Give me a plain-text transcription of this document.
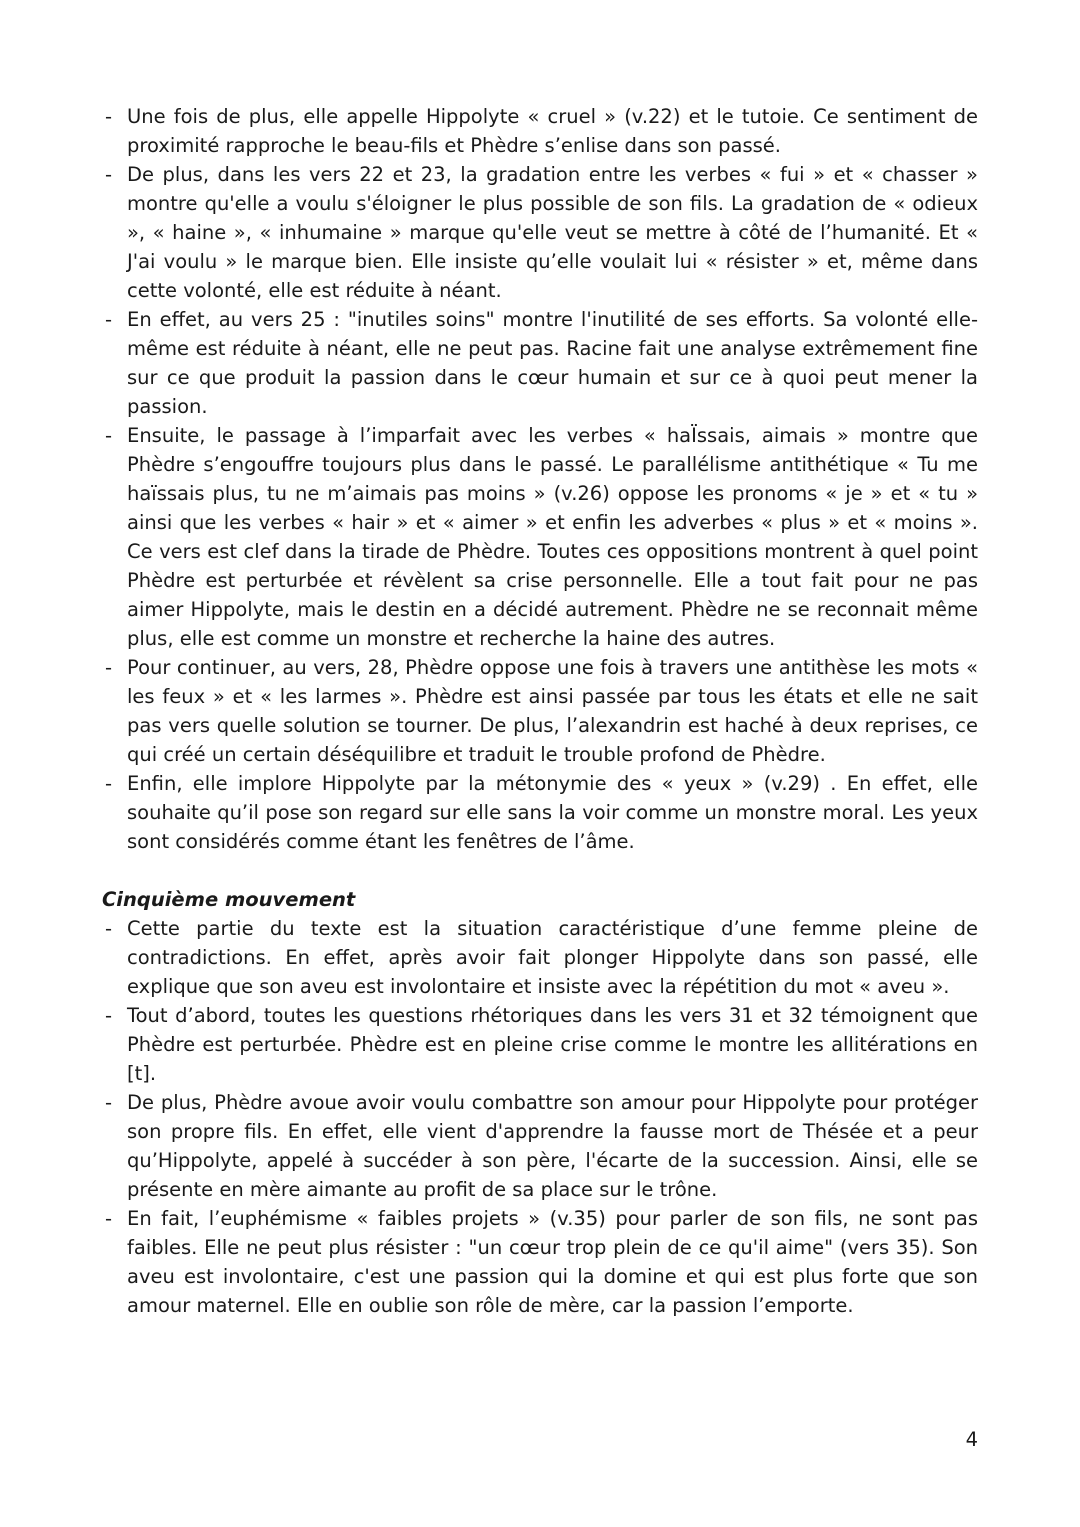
- Une fois de plus, elle appelle Hippolyte « cruel » (v.22) et le tutoie. Ce sentiment de proximité rapproche le beau-fils et Phèdre s’enlise dans son passé.
- De plus, dans les vers 22 et 23, la gradation entre les verbes « fui » et « chasser » montre qu'elle a voulu s'éloigner le plus possible de son fils. La gradation de « odieux », « haine », « inhumaine » marque qu'elle veut se mettre à côté de l’humanité. Et « J'ai voulu » le marque bien. Elle insiste qu’elle voulait lui « résister » et, même dans cette volonté, elle est réduite à néant.
- En effet, au vers 25 : "inutiles soins" montre l'inutilité de ses efforts. Sa volonté elle-même est réduite à néant, elle ne peut pas. Racine fait une analyse extrêmement fine sur ce que produit la passion dans le cœur humain et sur ce à quoi peut mener la passion.
- Ensuite, le passage à l’imparfait avec les verbes « haÏssais, aimais » montre que Phèdre s’engouffre toujours plus dans le passé. Le parallélisme antithétique « Tu me haïssais plus, tu ne m’aimais pas moins » (v.26) oppose les pronoms « je » et « tu » ainsi que les verbes « hair » et « aimer » et enfin les adverbes « plus » et « moins ». Ce vers est clef dans la tirade de Phèdre. Toutes ces oppositions montrent à quel point Phèdre est perturbée et révèlent sa crise personnelle. Elle a tout fait pour ne pas aimer Hippolyte, mais le destin en a décidé autrement. Phèdre ne se reconnait même plus, elle est comme un monstre et recherche la haine des autres.
- Pour continuer, au vers, 28, Phèdre oppose une fois à travers une antithèse les mots « les feux » et « les larmes ». Phèdre est ainsi passée par tous les états et elle ne sait pas vers quelle solution se tourner. De plus, l’alexandrin est haché à deux reprises, ce qui créé un certain déséquilibre et traduit le trouble profond de Phèdre.
- Enfin, elle implore Hippolyte par la métonymie des « yeux » (v.29) . En effet, elle souhaite qu’il pose son regard sur elle sans la voir comme un monstre moral. Les yeux sont considérés comme étant les fenêtres de l’âme.
Cinquième mouvement
- Cette partie du texte est la situation caractéristique d’une femme pleine de contradictions. En effet, après avoir fait plonger Hippolyte dans son passé, elle explique que son aveu est involontaire et insiste avec la répétition du mot « aveu ».
- Tout d’abord, toutes les questions rhétoriques dans les vers 31 et 32 témoignent que Phèdre est perturbée. Phèdre est en pleine crise comme le montre les allitérations en [t].
- De plus, Phèdre avoue avoir voulu combattre son amour pour Hippolyte pour protéger son propre fils. En effet, elle vient d'apprendre la fausse mort de Thésée et a peur qu’Hippolyte, appelé à succéder à son père, l'écarte de la succession. Ainsi, elle se présente en mère aimante au profit de sa place sur le trône.
- En fait, l’euphémisme « faibles projets » (v.35) pour parler de son fils, ne sont pas faibles. Elle ne peut plus résister : "un cœur trop plein de ce qu'il aime" (vers 35). Son aveu est involontaire, c'est une passion qui la domine et qui est plus forte que son amour maternel. Elle en oublie son rôle de mère, car la passion l’emporte.
4
